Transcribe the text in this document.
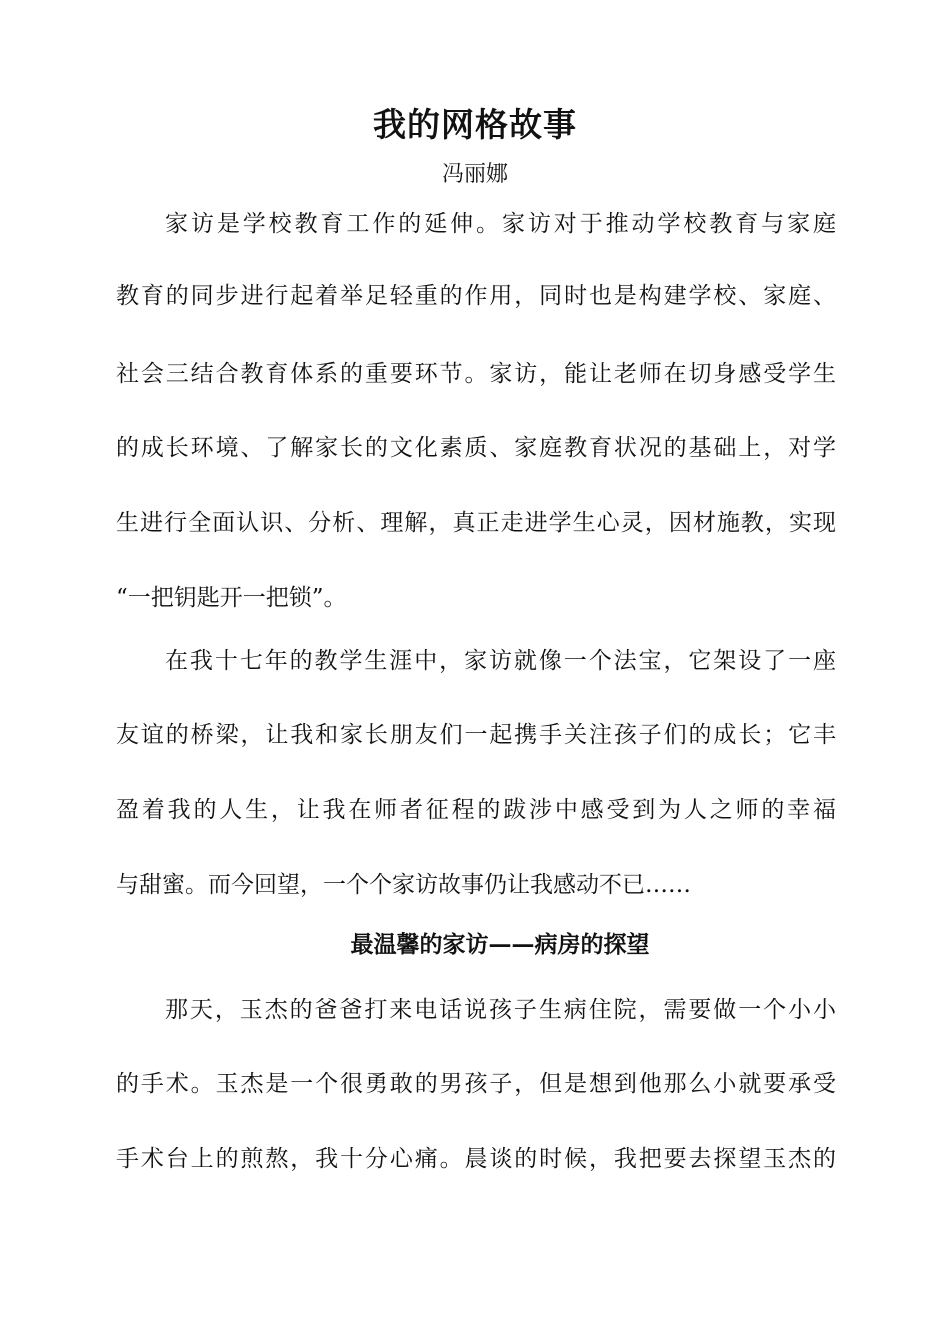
我的网格故事
冯丽娜
家访是学校教育工作的延伸。家访对于推动学校教育与家庭
教育的同步进行起着举足轻重的作用，同时也是构建学校、家庭、
社会三结合教育体系的重要环节。家访，能让老师在切身感受学生
的成长环境、了解家长的文化素质、家庭教育状况的基础上，对学
生进行全面认识、分析、理解，真正走进学生心灵，因材施教，实现
“一把钥匙开一把锁”。
在我十七年的教学生涯中，家访就像一个法宝，它架设了一座
友谊的桥梁，让我和家长朋友们一起携手关注孩子们的成长；它丰
盈着我的人生，让我在师者征程的跋涉中感受到为人之师的幸福
与甜蜜。而今回望，一个个家访故事仍让我感动不已……
最温馨的家访——病房的探望
那天，玉杰的爸爸打来电话说孩子生病住院，需要做一个小小
的手术。玉杰是一个很勇敢的男孩子，但是想到他那么小就要承受
手术台上的煎熬，我十分心痛。晨谈的时候，我把要去探望玉杰的
